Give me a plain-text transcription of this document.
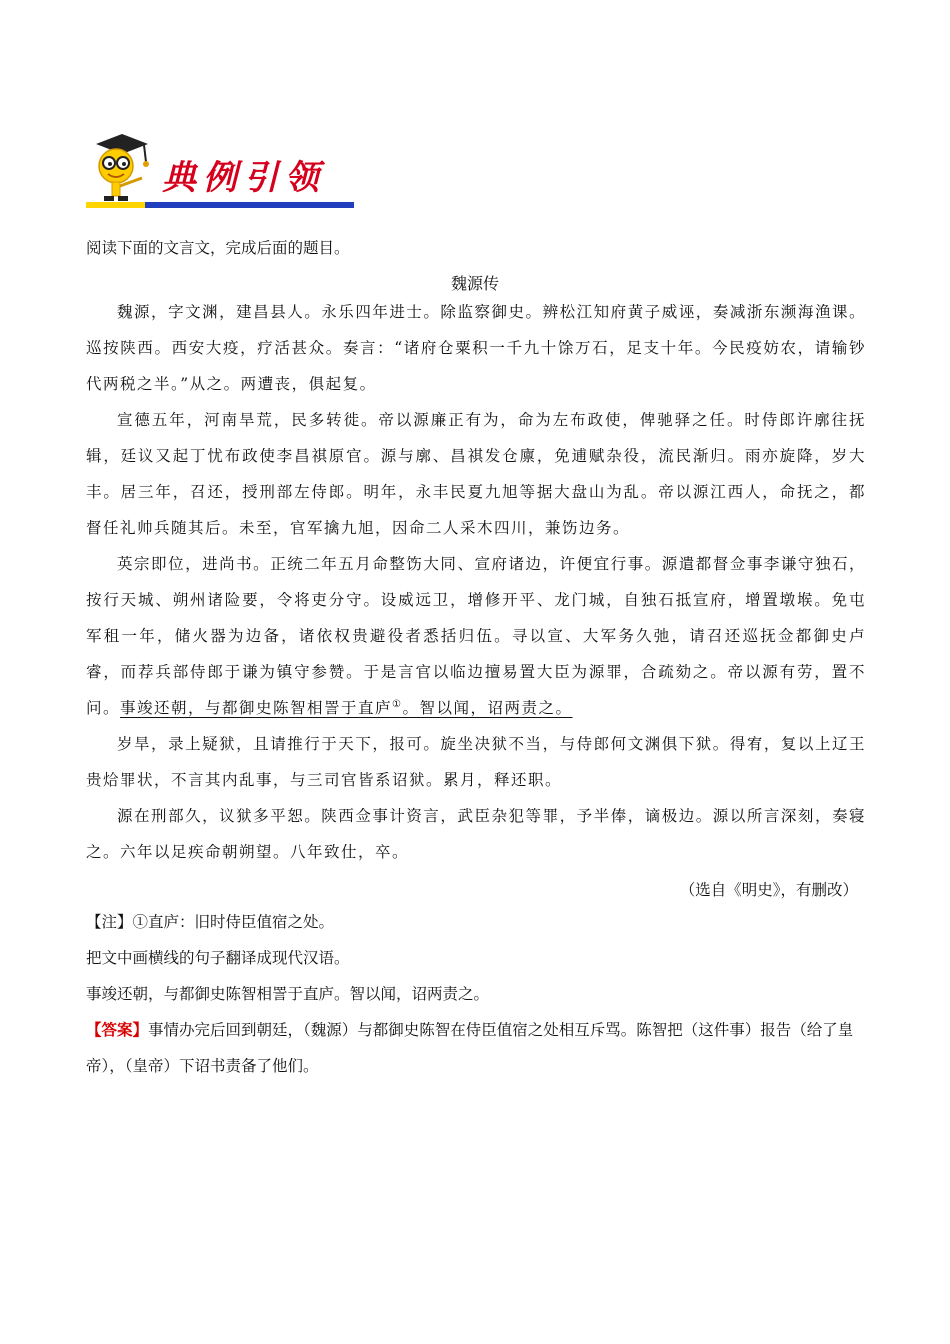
典例引领
阅读下面的文言文，完成后面的题目。
魏源传

魏源，字文渊，建昌县人。永乐四年进士。除监察御史。辨松江知府黄子威诬，奏减浙东濒海渔课。巡按陕西。西安大疫，疗活甚众。奏言：“诸府仓粟积一千九十馀万石，足支十年。今民疫妨农，请输钞代两税之半。”从之。两遭丧，俱起复。

宣德五年，河南旱荒，民多转徙。帝以源廉正有为，命为左布政使，俾驰驿之任。时侍郎许廓往抚辑，廷议又起丁忧布政使李昌祺原官。源与廓、昌祺发仓廪，免逋赋杂役，流民渐归。雨亦旋降，岁大丰。居三年，召还，授刑部左侍郎。明年，永丰民夏九旭等据大盘山为乱。帝以源江西人，命抚之，都督任礼帅兵随其后。未至，官军擒九旭，因命二人采木四川，兼饬边务。

英宗即位，进尚书。正统二年五月命整饬大同、宣府诸边，许便宜行事。源遣都督佥事李谦守独石，按行天城、朔州诸险要，令将吏分守。设威远卫，增修开平、龙门城，自独石抵宣府，增置墩堠。免屯军租一年，储火器为边备，诸依权贵避役者悉括归伍。寻以宣、大军务久弛，请召还巡抚佥都御史卢睿，而荐兵部侍郎于谦为镇守参赞。于是言官以临边擅易置大臣为源罪，合疏劾之。帝以源有劳，置不问。事竣还朝，与都御史陈智相詈于直庐①。智以闻，诏两责之。

岁旱，录上疑狱，且请推行于天下，报可。旋坐决狱不当，与侍郎何文渊俱下狱。得宥，复以上辽王贵烚罪状，不言其内乱事，与三司官皆系诏狱。累月，释还职。

源在刑部久，议狱多平恕。陕西佥事计资言，武臣杂犯等罪，予半俸，谪极边。源以所言深刻，奏寝之。六年以足疾命朝朔望。八年致仕，卒。

（选自《明史》，有删改）

【注】①直庐：旧时侍臣值宿之处。

把文中画横线的句子翻译成现代汉语。

事竣还朝，与都御史陈智相詈于直庐。智以闻，诏两责之。

【答案】事情办完后回到朝廷，（魏源）与都御史陈智在侍臣值宿之处相互斥骂。陈智把（这件事）报告（给了皇帝），（皇帝）下诏书责备了他们。
